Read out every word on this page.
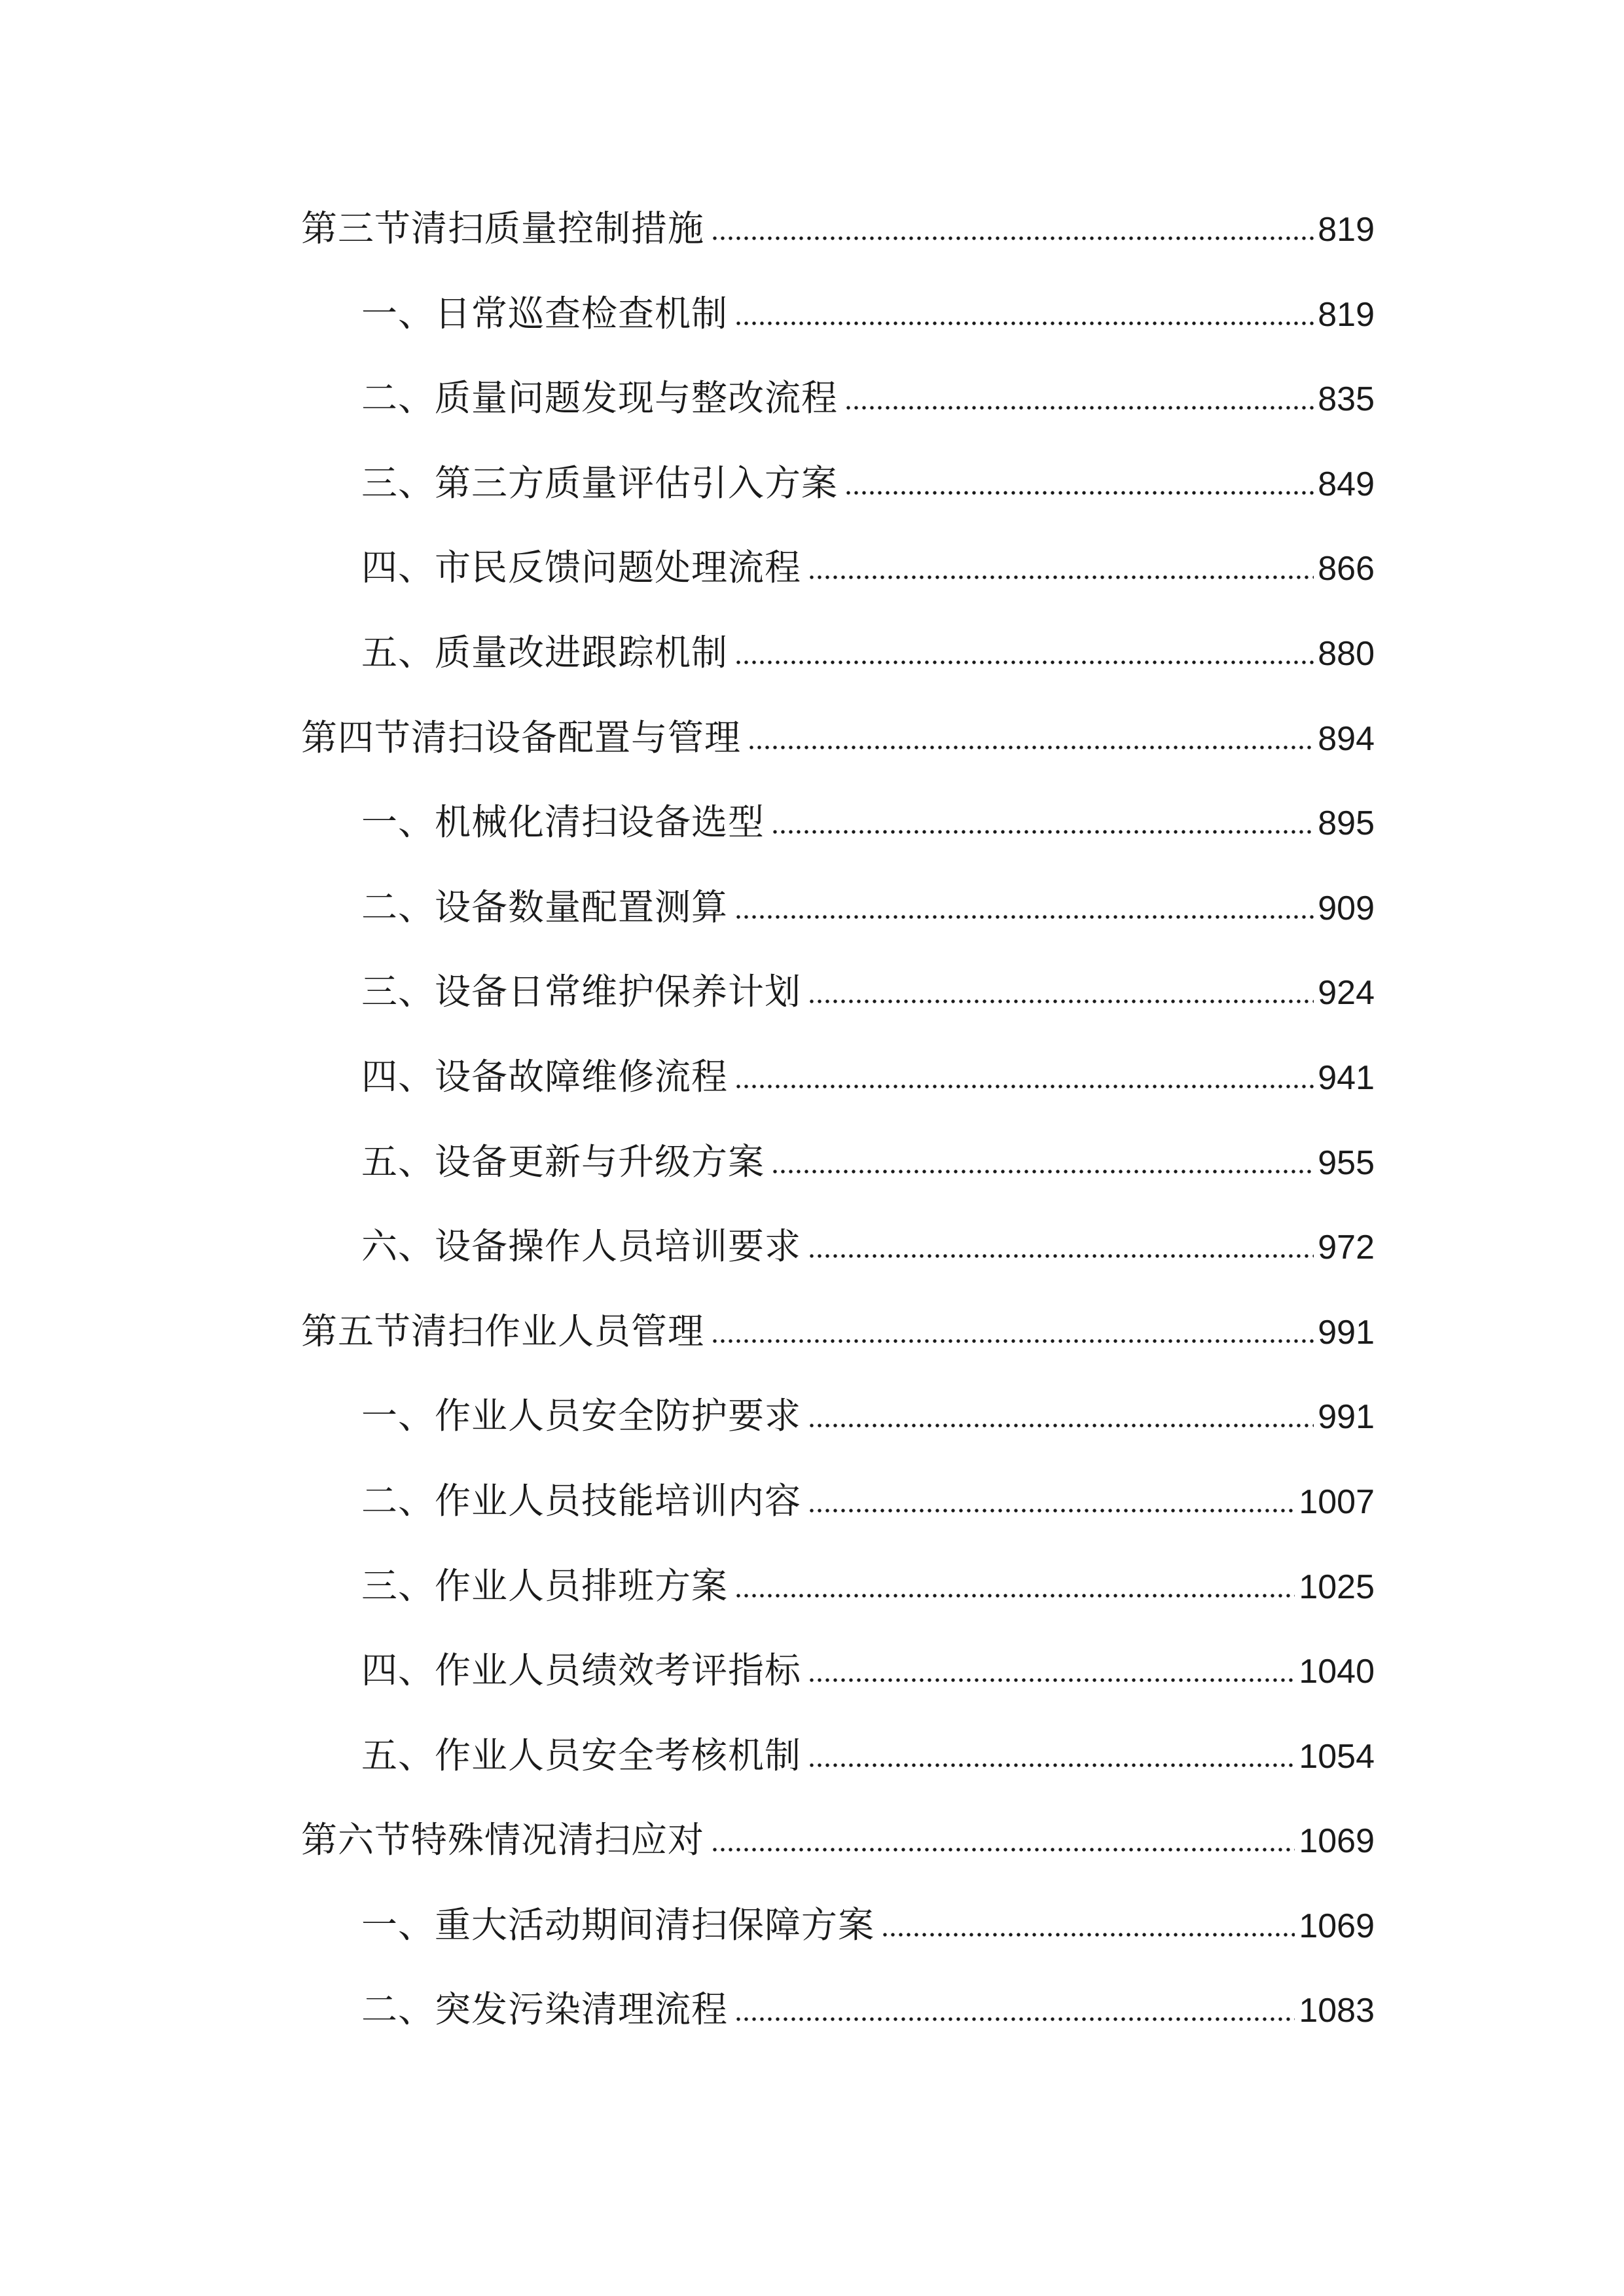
第三节清扫质量控制措施	819
一、日常巡查检查机制	819
二、质量问题发现与整改流程	835
三、第三方质量评估引入方案	849
四、市民反馈问题处理流程	866
五、质量改进跟踪机制	880
第四节清扫设备配置与管理	894
一、机械化清扫设备选型	895
二、设备数量配置测算	909
三、设备日常维护保养计划	924
四、设备故障维修流程	941
五、设备更新与升级方案	955
六、设备操作人员培训要求	972
第五节清扫作业人员管理	991
一、作业人员安全防护要求	991
二、作业人员技能培训内容	1007
三、作业人员排班方案	1025
四、作业人员绩效考评指标	1040
五、作业人员安全考核机制	1054
第六节特殊情况清扫应对	1069
一、重大活动期间清扫保障方案	1069
二、突发污染清理流程	1083
